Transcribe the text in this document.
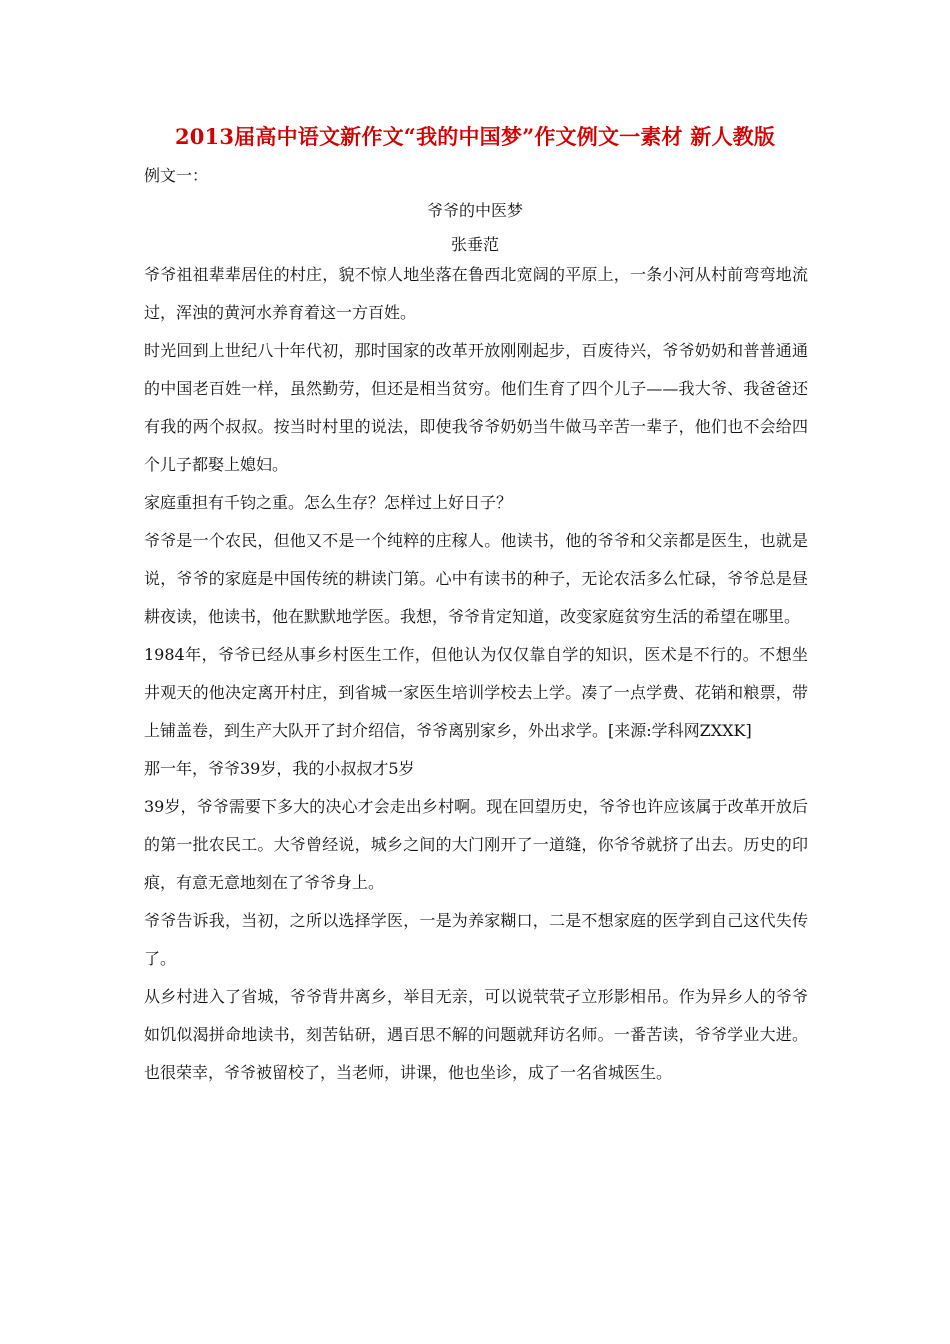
2013届高中语文新作文“我的中国梦”作文例文一素材 新人教版
例文一：
爷爷的中医梦
张垂范

爷爷祖祖辈辈居住的村庄，貌不惊人地坐落在鲁西北宽阔的平原上，一条小河从村前弯弯地流过，浑浊的黄河水养育着这一方百姓。

时光回到上世纪八十年代初，那时国家的改革开放刚刚起步，百废待兴，爷爷奶奶和普普通通的中国老百姓一样，虽然勤劳，但还是相当贫穷。他们生育了四个儿子——我大爷、我爸爸还有我的两个叔叔。按当时村里的说法，即使我爷爷奶奶当牛做马辛苦一辈子，他们也不会给四个儿子都娶上媳妇。

家庭重担有千钧之重。怎么生存？怎样过上好日子？

爷爷是一个农民，但他又不是一个纯粹的庄稼人。他读书，他的爷爷和父亲都是医生，也就是说，爷爷的家庭是中国传统的耕读门第。心中有读书的种子，无论农活多么忙碌，爷爷总是昼耕夜读，他读书，他在默默地学医。我想，爷爷肯定知道，改变家庭贫穷生活的希望在哪里。

1984年，爷爷已经从事乡村医生工作，但他认为仅仅靠自学的知识，医术是不行的。不想坐井观天的他决定离开村庄，到省城一家医生培训学校去上学。凑了一点学费、花销和粮票，带上铺盖卷，到生产大队开了封介绍信，爷爷离别家乡，外出求学。[来源:学科网ZXXK]

那一年，爷爷39岁，我的小叔叔才5岁

39岁，爷爷需要下多大的决心才会走出乡村啊。现在回望历史，爷爷也许应该属于改革开放后的第一批农民工。大爷曾经说，城乡之间的大门刚开了一道缝，你爷爷就挤了出去。历史的印痕，有意无意地刻在了爷爷身上。

爷爷告诉我，当初，之所以选择学医，一是为养家糊口，二是不想家庭的医学到自己这代失传了。

从乡村进入了省城，爷爷背井离乡，举目无亲，可以说茕茕孑立形影相吊。作为异乡人的爷爷如饥似渴拼命地读书，刻苦钻研，遇百思不解的问题就拜访名师。一番苦读，爷爷学业大进。也很荣幸，爷爷被留校了，当老师，讲课，他也坐诊，成了一名省城医生。
